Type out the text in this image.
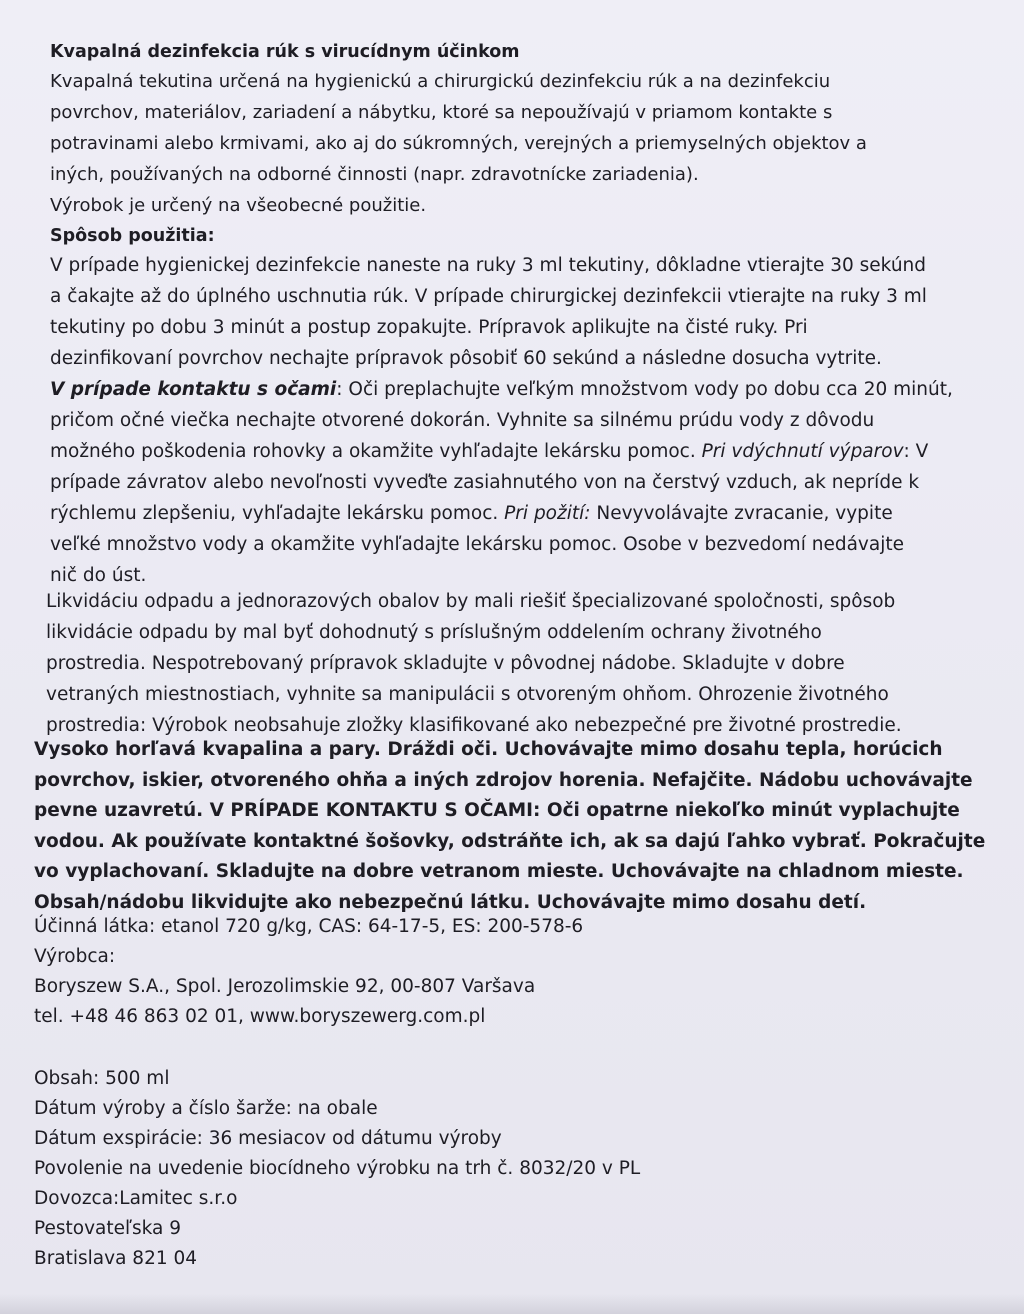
Kvapalná dezinfekcia rúk s virucídnym účinkom

Kvapalná tekutina určená na hygienickú a chirurgickú dezinfekciu rúk a na dezinfekciu

povrchov, materiálov, zariadení a nábytku, ktoré sa nepoužívajú v priamom kontakte s

potravinami alebo krmivami, ako aj do súkromných, verejných a priemyselných objektov a

iných, používaných na odborné činnosti (napr. zdravotnícke zariadenia).

Výrobok je určený na všeobecné použitie.

Spôsob použitia:

V prípade hygienickej dezinfekcie naneste na ruky 3 ml tekutiny, dôkladne vtierajte 30 sekúnd

a čakajte až do úplného uschnutia rúk. V prípade chirurgickej dezinfekcii vtierajte na ruky 3 ml

tekutiny po dobu 3 minút a postup zopakujte. Prípravok aplikujte na čisté ruky. Pri

dezinfikovaní povrchov nechajte prípravok pôsobiť 60 sekúnd a následne dosucha vytrite.

V prípade kontaktu s očami: Oči preplachujte veľkým množstvom vody po dobu cca 20 minút,

pričom očné viečka nechajte otvorené dokorán. Vyhnite sa silnému prúdu vody z dôvodu

možného poškodenia rohovky a okamžite vyhľadajte lekársku pomoc. Pri vdýchnutí výparov: V

prípade závratov alebo nevoľnosti vyveďte zasiahnutého von na čerstvý vzduch, ak nepríde k

rýchlemu zlepšeniu, vyhľadajte lekársku pomoc. Pri požití: Nevyvolávajte zvracanie, vypite

veľké množstvo vody a okamžite vyhľadajte lekársku pomoc. Osobe v bezvedomí nedávajte

nič do úst.

Likvidáciu odpadu a jednorazových obalov by mali riešiť špecializované spoločnosti, spôsob

likvidácie odpadu by mal byť dohodnutý s príslušným oddelením ochrany životného

prostredia. Nespotrebovaný prípravok skladujte v pôvodnej nádobe. Skladujte v dobre

vetraných miestnostiach, vyhnite sa manipulácii s otvoreným ohňom. Ohrozenie životného

prostredia: Výrobok neobsahuje zložky klasifikované ako nebezpečné pre životné prostredie.

Vysoko horľavá kvapalina a pary. Dráždi oči. Uchovávajte mimo dosahu tepla, horúcich

povrchov, iskier, otvoreného ohňa a iných zdrojov horenia. Nefajčite. Nádobu uchovávajte

pevne uzavretú. V PRÍPADE KONTAKTU S OČAMI: Oči opatrne niekoľko minút vyplachujte

vodou. Ak používate kontaktné šošovky, odstráňte ich, ak sa dajú ľahko vybrať. Pokračujte

vo vyplachovaní. Skladujte na dobre vetranom mieste. Uchovávajte na chladnom mieste.

Obsah/nádobu likvidujte ako nebezpečnú látku. Uchovávajte mimo dosahu detí.

Účinná látka: etanol 720 g/kg, CAS: 64-17-5, ES: 200-578-6

Výrobca:

Boryszew S.A., Spol. Jerozolimskie 92, 00-807 Varšava

tel. +48 46 863 02 01, www.boryszewerg.com.pl

Obsah: 500 ml

Dátum výroby a číslo šarže: na obale

Dátum exspirácie: 36 mesiacov od dátumu výroby

Povolenie na uvedenie biocídneho výrobku na trh č. 8032/20 v PL

Dovozca:Lamitec s.r.o

Pestovateľska 9

Bratislava 821 04
